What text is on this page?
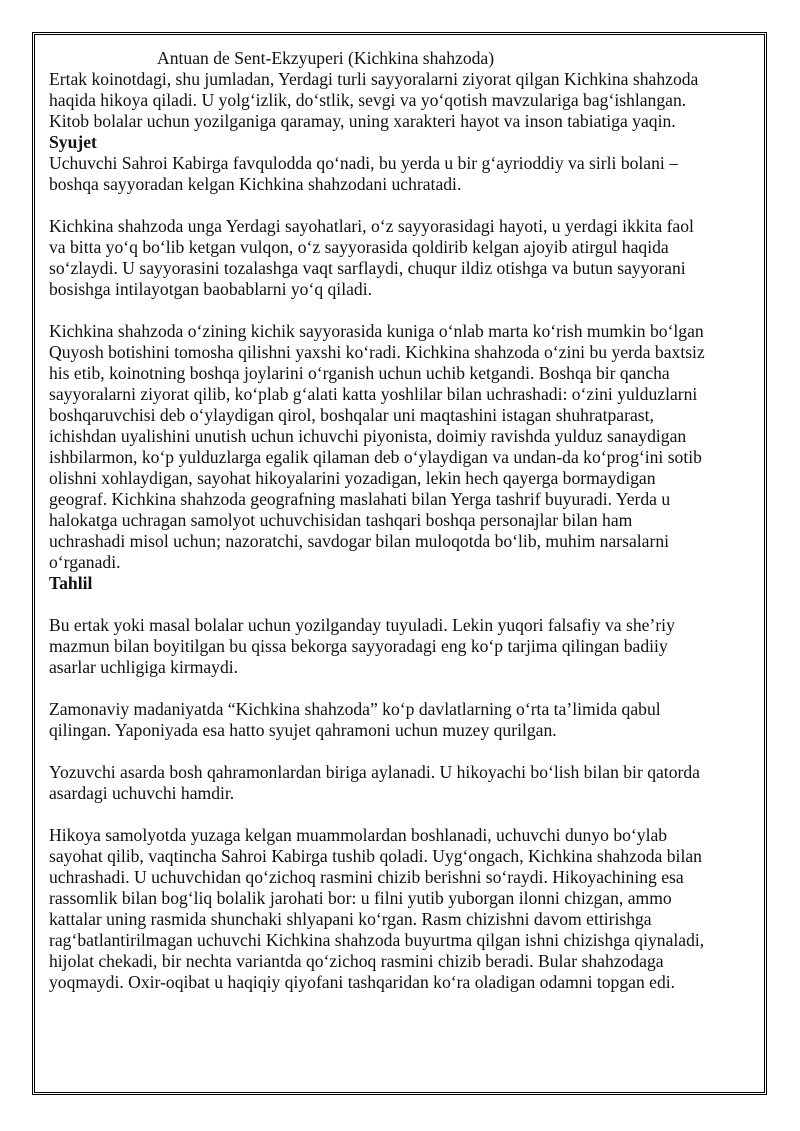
Antuan de Sent-Ekzyuperi (Kichkina shahzoda)

Ertak koinotdagi, shu jumladan, Yerdagi turli sayyoralarni ziyorat qilgan Kichkina shahzoda
haqida hikoya qiladi. U yolg‘izlik, do‘stlik, sevgi va yo‘qotish mavzulariga bag‘ishlangan.
Kitob bolalar uchun yozilganiga qaramay, uning xarakteri hayot va inson tabiatiga yaqin.

Syujet

Uchuvchi Sahroi Kabirga favqulodda qo‘nadi, bu yerda u bir g‘ayrioddiy va sirli bolani –
boshqa sayyoradan kelgan Kichkina shahzodani uchratadi.

Kichkina shahzoda unga Yerdagi sayohatlari, o‘z sayyorasidagi hayoti, u yerdagi ikkita faol
va bitta yo‘q bo‘lib ketgan vulqon, o‘z sayyorasida qoldirib kelgan ajoyib atirgul haqida
so‘zlaydi. U sayyorasini tozalashga vaqt sarflaydi, chuqur ildiz otishga va butun sayyorani
bosishga intilayotgan baobablarni yo‘q qiladi.

Kichkina shahzoda o‘zining kichik sayyorasida kuniga o‘nlab marta ko‘rish mumkin bo‘lgan
Quyosh botishini tomosha qilishni yaxshi ko‘radi. Kichkina shahzoda o‘zini bu yerda baxtsiz
his etib, koinotning boshqa joylarini o‘rganish uchun uchib ketgandi. Boshqa bir qancha
sayyoralarni ziyorat qilib, ko‘plab g‘alati katta yoshlilar bilan uchrashadi: o‘zini yulduzlarni
boshqaruvchisi deb o‘ylaydigan qirol, boshqalar uni maqtashini istagan shuhratparast,
ichishdan uyalishini unutish uchun ichuvchi piyonista, doimiy ravishda yulduz sanaydigan
ishbilarmon, ko‘p yulduzlarga egalik qilaman deb o‘ylaydigan va undan-da ko‘prog‘ini sotib
olishni xohlaydigan, sayohat hikoyalarini yozadigan, lekin hech qayerga bormaydigan
geograf. Kichkina shahzoda geografning maslahati bilan Yerga tashrif buyuradi. Yerda u
halokatga uchragan samolyot uchuvchisidan tashqari boshqa personajlar bilan ham
uchrashadi misol uchun; nazoratchi, savdogar bilan muloqotda bo‘lib, muhim narsalarni
o‘rganadi.

Tahlil

Bu ertak yoki masal bolalar uchun yozilganday tuyuladi. Lekin yuqori falsafiy va she’riy
mazmun bilan boyitilgan bu qissa bekorga sayyoradagi eng ko‘p tarjima qilingan badiiy
asarlar uchligiga kirmaydi.

Zamonaviy madaniyatda “Kichkina shahzoda” ko‘p davlatlarning o‘rta ta’limida qabul
qilingan. Yaponiyada esa hatto syujet qahramoni uchun muzey qurilgan.

Yozuvchi asarda bosh qahramonlardan biriga aylanadi. U hikoyachi bo‘lish bilan bir qatorda
asardagi uchuvchi hamdir.

Hikoya samolyotda yuzaga kelgan muammolardan boshlanadi, uchuvchi dunyo bo‘ylab
sayohat qilib, vaqtincha Sahroi Kabirga tushib qoladi. Uyg‘ongach, Kichkina shahzoda bilan
uchrashadi. U uchuvchidan qo‘zichoq rasmini chizib berishni so‘raydi. Hikoyachining esa
rassomlik bilan bog‘liq bolalik jarohati bor: u filni yutib yuborgan ilonni chizgan, ammo
kattalar uning rasmida shunchaki shlyapani ko‘rgan. Rasm chizishni davom ettirishga
rag‘batlantirilmagan uchuvchi Kichkina shahzoda buyurtma qilgan ishni chizishga qiynaladi,
hijolat chekadi, bir nechta variantda qo‘zichoq rasmini chizib beradi. Bular shahzodaga
yoqmaydi. Oxir-oqibat u haqiqiy qiyofani tashqaridan ko‘ra oladigan odamni topgan edi.
